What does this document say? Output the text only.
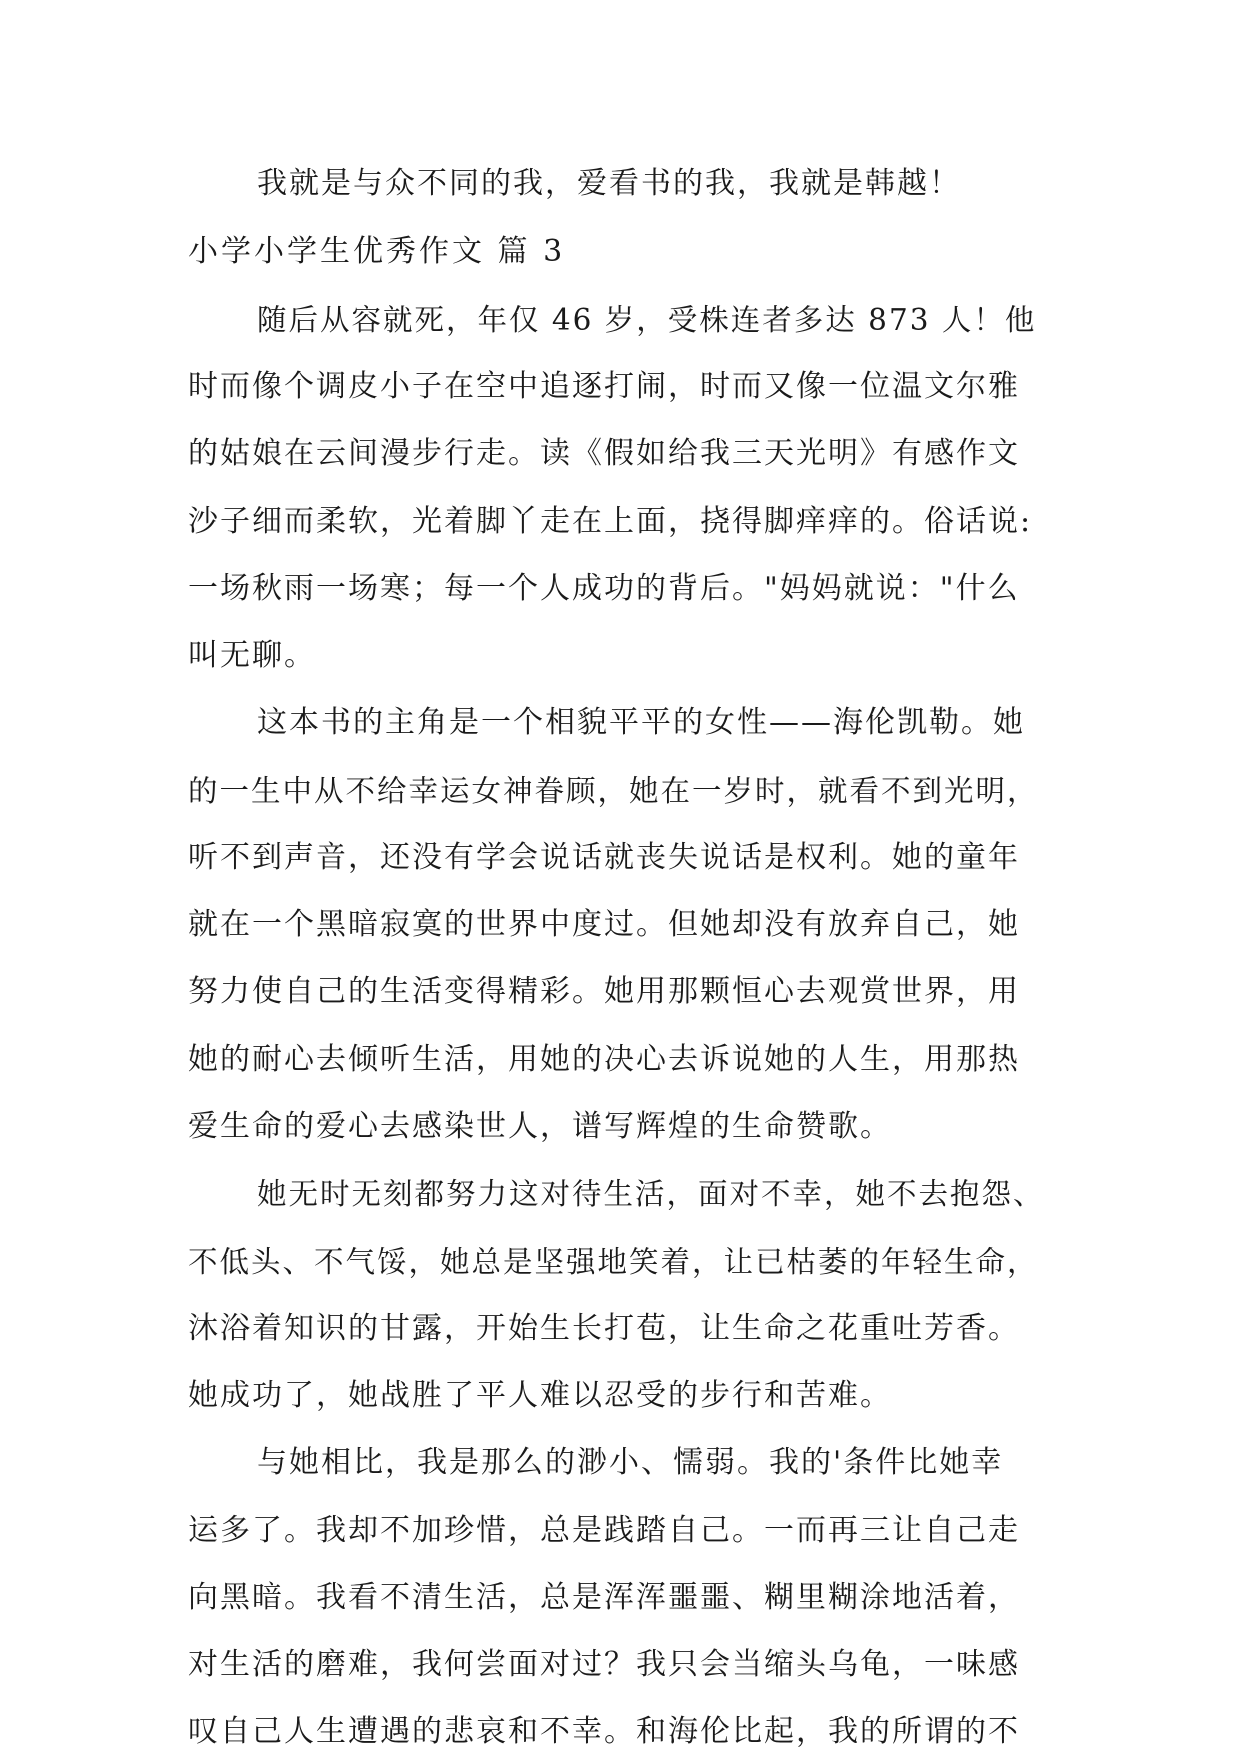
我就是与众不同的我，爱看书的我，我就是韩越！
小学小学生优秀作文 篇 3
随后从容就死，年仅 46 岁，受株连者多达 873 人！他
时而像个调皮小子在空中追逐打闹，时而又像一位温文尔雅
的姑娘在云间漫步行走。读《假如给我三天光明》有感作文
沙子细而柔软，光着脚丫走在上面，挠得脚痒痒的。俗话说:
一场秋雨一场寒；每一个人成功的背后。"妈妈就说："什么
叫无聊。
这本书的主角是一个相貌平平的女性——海伦凯勒。她
的一生中从不给幸运女神眷顾，她在一岁时，就看不到光明，
听不到声音，还没有学会说话就丧失说话是权利。她的童年
就在一个黑暗寂寞的世界中度过。但她却没有放弃自己，她
努力使自己的生活变得精彩。她用那颗恒心去观赏世界，用
她的耐心去倾听生活，用她的决心去诉说她的人生，用那热
爱生命的爱心去感染世人，谱写辉煌的生命赞歌。
她无时无刻都努力这对待生活，面对不幸，她不去抱怨、
不低头、不气馁，她总是坚强地笑着，让已枯萎的年轻生命，
沐浴着知识的甘露，开始生长打苞，让生命之花重吐芳香。
她成功了，她战胜了平人难以忍受的步行和苦难。
与她相比，我是那么的渺小、懦弱。我的'条件比她幸
运多了。我却不加珍惜，总是践踏自己。一而再三让自己走
向黑暗。我看不清生活，总是浑浑噩噩、糊里糊涂地活着，
对生活的磨难，我何尝面对过？我只会当缩头乌龟，一味感
叹自己人生遭遇的悲哀和不幸。和海伦比起，我的所谓的不
